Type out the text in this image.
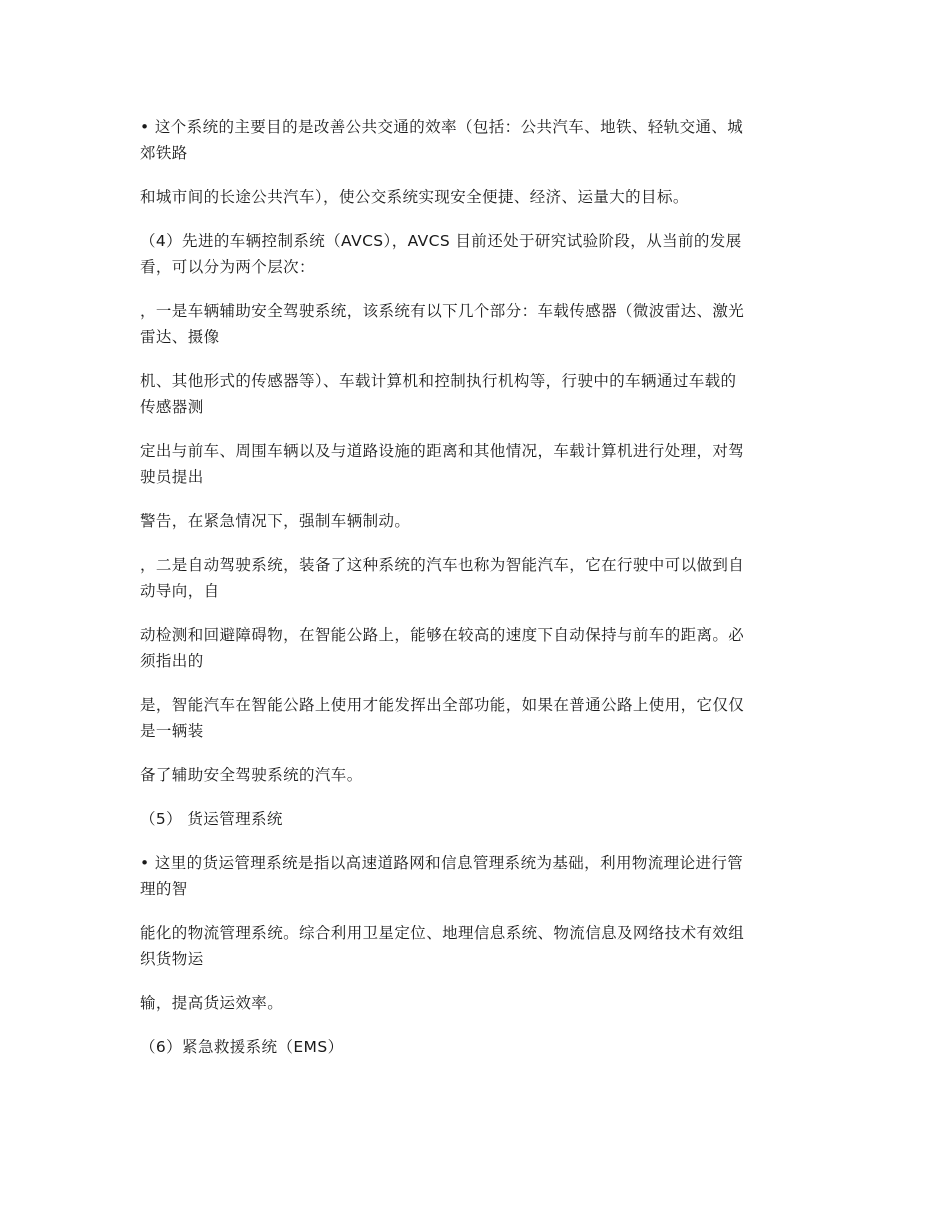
• 这个系统的主要目的是改善公共交通的效率（包括：公共汽车、地铁、轻轨交通、城
郊铁路

和城市间的长途公共汽车），使公交系统实现安全便捷、经济、运量大的目标。

（4）先进的车辆控制系统（AVCS），AVCS 目前还处于研究试验阶段，从当前的发展
看，可以分为两个层次：

，一是车辆辅助安全驾驶系统，该系统有以下几个部分：车载传感器（微波雷达、激光
雷达、摄像

机、其他形式的传感器等）、车载计算机和控制执行机构等，行驶中的车辆通过车载的
传感器测

定出与前车、周围车辆以及与道路设施的距离和其他情况，车载计算机进行处理，对驾
驶员提出

警告，在紧急情况下，强制车辆制动。

，二是自动驾驶系统，装备了这种系统的汽车也称为智能汽车，它在行驶中可以做到自
动导向，自

动检测和回避障碍物，在智能公路上，能够在较高的速度下自动保持与前车的距离。必
须指出的

是，智能汽车在智能公路上使用才能发挥出全部功能，如果在普通公路上使用，它仅仅
是一辆装

备了辅助安全驾驶系统的汽车。

（5） 货运管理系统

• 这里的货运管理系统是指以高速道路网和信息管理系统为基础，利用物流理论进行管
理的智

能化的物流管理系统。综合利用卫星定位、地理信息系统、物流信息及网络技术有效组
织货物运

输，提高货运效率。

（6）紧急救援系统（EMS）
